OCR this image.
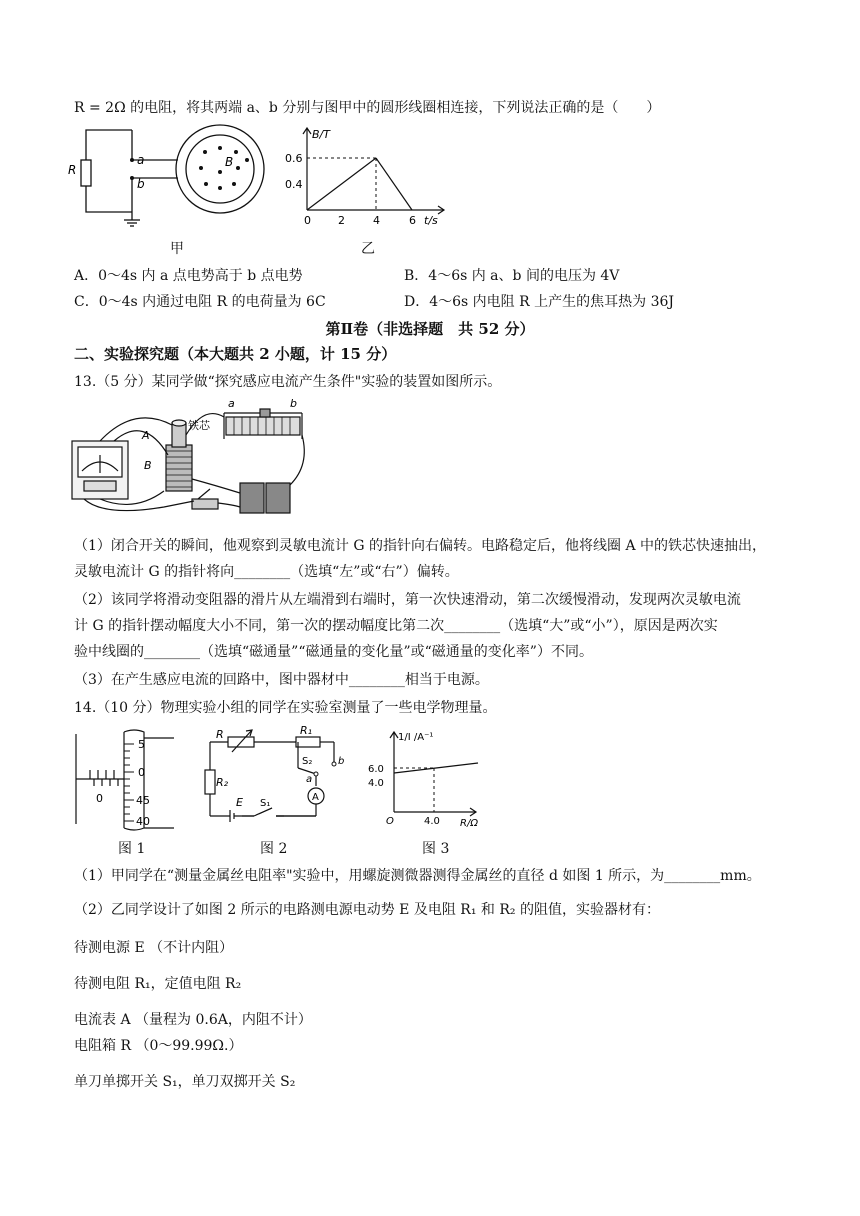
R = 2Ω 的电阻，将其两端 a、b 分别与图甲中的圆形线圈相连接，下列说法正确的是（　　）
R
a
b
B
甲
B/T
t/s
0.6
0.4
0 2	4	6
乙
A．0～4s 内 a 点电势高于 b 点电势	B．4～6s 内 a、b 间的电压为 4V
C．0～4s 内通过电阻 R 的电荷量为 6C	D．4～6s 内电阻 R 上产生的焦耳热为 36J
第Ⅱ卷（非选择题　共 52 分）
二、实验探究题（本大题共 2 小题，计 15 分）
13.（5 分）某同学做“探究感应电流产生条件"实验的装置如图所示。
铁芯
A
B
a	b
（1）闭合开关的瞬间，他观察到灵敏电流计 G 的指针向右偏转。电路稳定后，他将线圈 A 中的铁芯快速抽出，
灵敏电流计 G 的指针将向________（选填“左”或“右”）偏转。
（2）该同学将滑动变阻器的滑片从左端滑到右端时，第一次快速滑动，第二次缓慢滑动，发现两次灵敏电流
计 G 的指针摆动幅度大小不同，第一次的摆动幅度比第二次________（选填“大”或“小”），原因是两次实
验中线圈的________（选填“磁通量”“磁通量的变化量”或“磁通量的变化率”）不同。
（3）在产生感应电流的回路中，图中器材中________相当于电源。
14.（10 分）物理实验小组的同学在实验室测量了一些电学物理量。
5
0
45
40
0
图 1
R	R₁
R₂
S₂
a
b
A
E S₁
图 2
1/I /A⁻¹
R/Ω
6.0
4.0
4.0
O
图 3
（1）甲同学在“测量金属丝电阻率"实验中，用螺旋测微器测得金属丝的直径 d 如图 1 所示，为________mm。
（2）乙同学设计了如图 2 所示的电路测电源电动势 E 及电阻 R₁ 和 R₂ 的阻值，实验器材有：
待测电源 E （不计内阻）
待测电阻 R₁，定值电阻 R₂
电流表 A （量程为 0.6A，内阻不计）
电阻箱 R （0～99.99Ω.）
单刀单掷开关 S₁，单刀双掷开关 S₂
